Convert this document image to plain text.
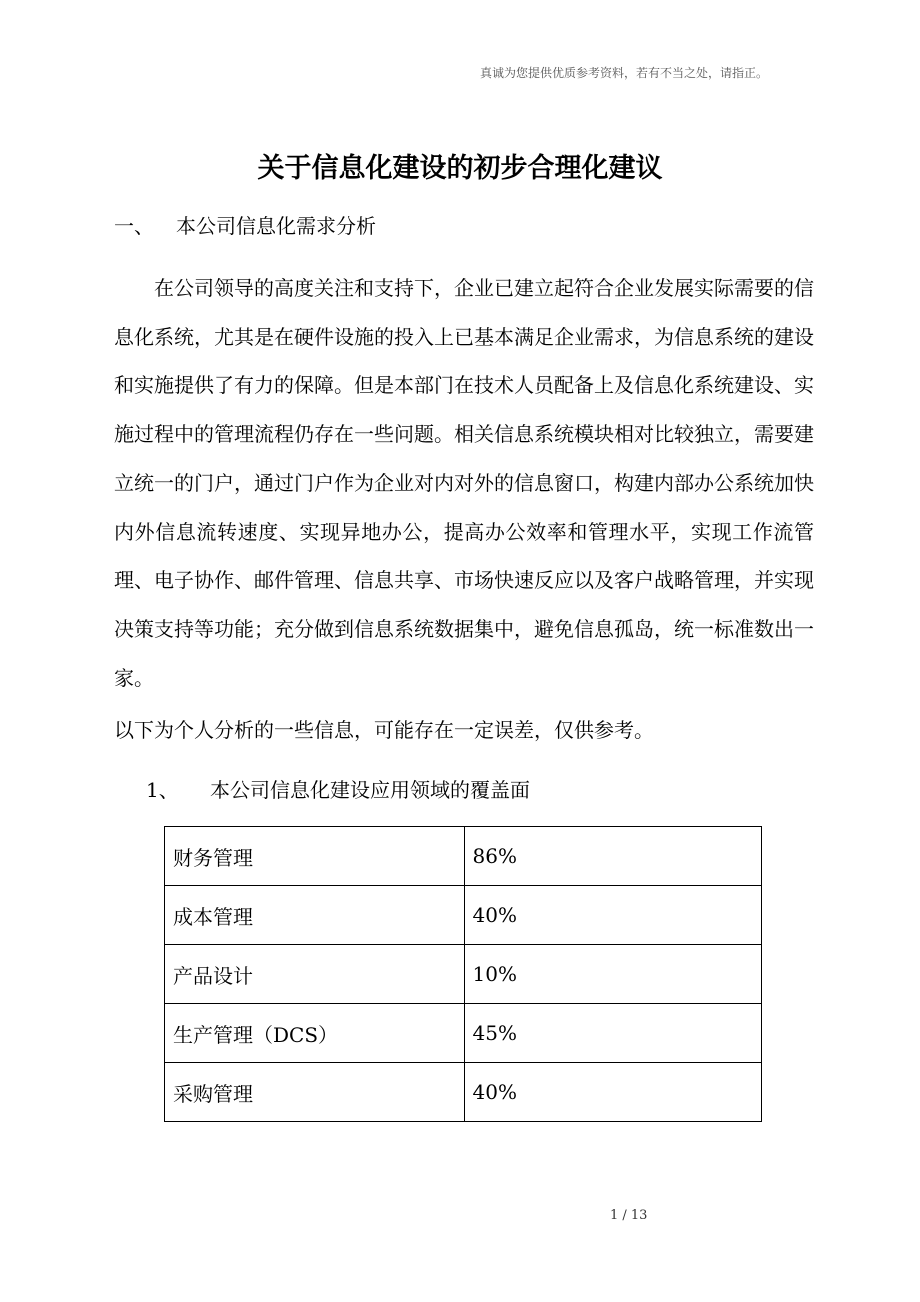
真诚为您提供优质参考资料，若有不当之处，请指正。
关于信息化建设的初步合理化建议
一、 本公司信息化需求分析
在公司领导的高度关注和支持下，企业已建立起符合企业发展实际需要的信息化系统，尤其是在硬件设施的投入上已基本满足企业需求，为信息系统的建设和实施提供了有力的保障。但是本部门在技术人员配备上及信息化系统建设、实施过程中的管理流程仍存在一些问题。相关信息系统模块相对比较独立，需要建立统一的门户，通过门户作为企业对内对外的信息窗口，构建内部办公系统加快内外信息流转速度、实现异地办公，提高办公效率和管理水平，实现工作流管理、电子协作、邮件管理、信息共享、市场快速反应以及客户战略管理，并实现决策支持等功能；充分做到信息系统数据集中，避免信息孤岛，统一标准数出一家。
以下为个人分析的一些信息，可能存在一定误差，仅供参考。
1、 本公司信息化建设应用领域的覆盖面
财务管理	86%
成本管理	40%
产品设计	10%
生产管理（DCS）	45%
采购管理	40%
1 / 13
